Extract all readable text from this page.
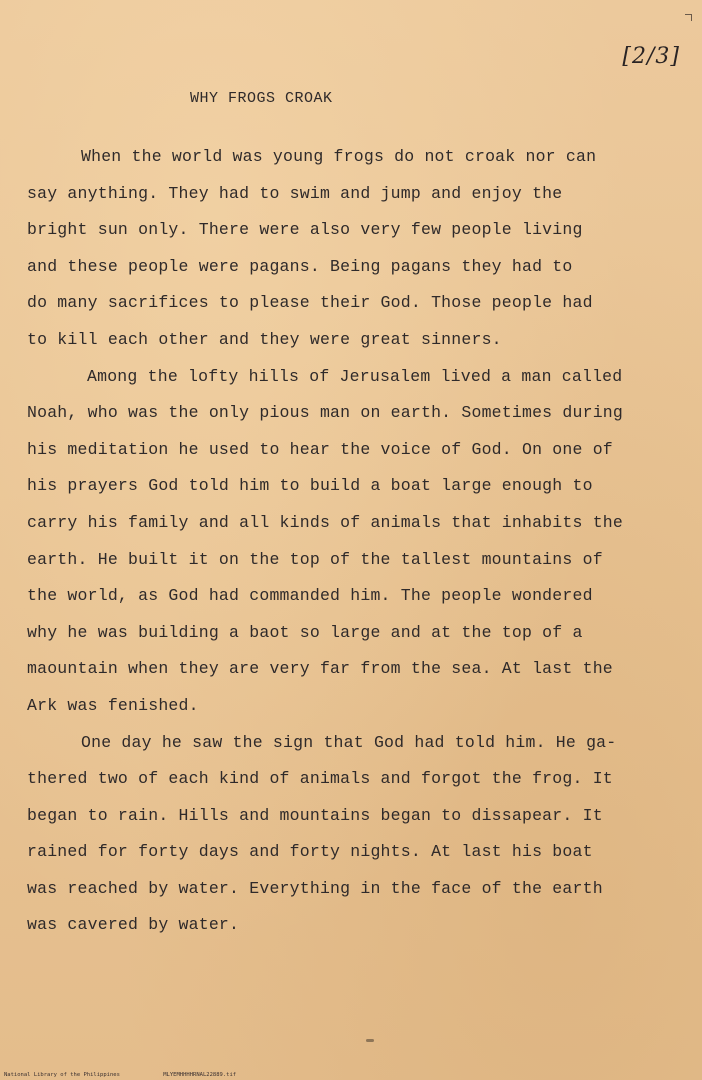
[2/3]
WHY FROGS CROAK
When the world was young frogs do not croak nor can
say anything. They had to swim and jump and enjoy the
bright sun only. There were also very few people living
and these people were pagans. Being pagans they had to
do many sacrifices to please their God. Those people had
to kill each other and they were great sinners.
Among the lofty hills of Jerusalem lived a man called
Noah, who was the only pious man on earth. Sometimes during
his meditation he used to hear the voice of God. On one of
his prayers God told him to build a boat large enough to
carry his family and all kinds of animals that inhabits the
earth. He built it on the top of the tallest mountains of
the world, as God had commanded him. The people wondered
why he was building a baot so large and at the top of a
maountain when they are very far from the sea. At last the
Ark was fenished.
One day he saw the sign that God had told him. He ga-
thered two of each kind of animals and forgot the frog. It
began to rain. Hills and mountains began to dissapear. It
rained for forty days and forty nights. At last his boat
was reached by water. Everything in the face of the earth
was cavered by water.
National Library of the Philippines	MLYEMHHHHRNAL22889.tif
